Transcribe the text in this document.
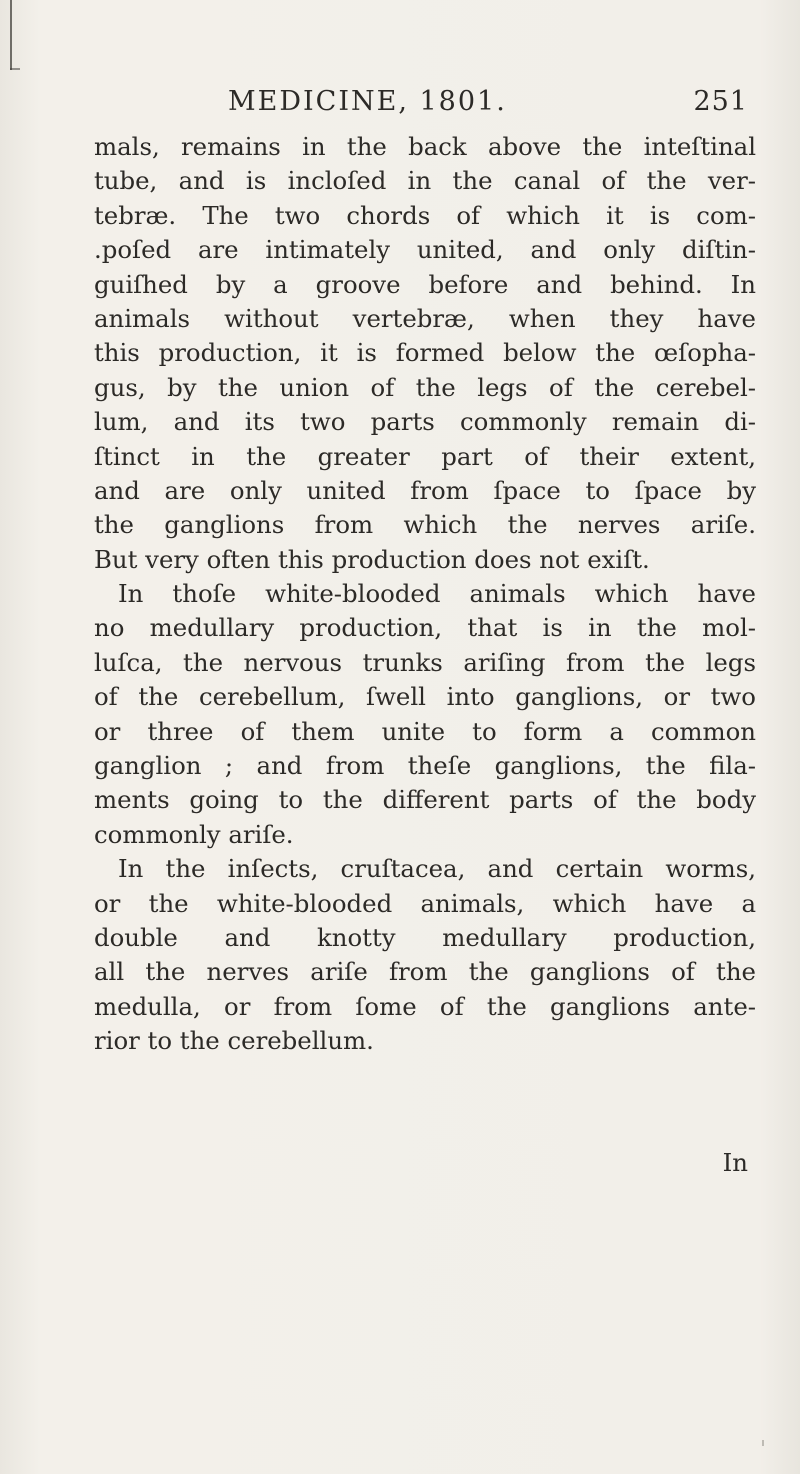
MEDICINE, 1801.	251
mals, remains in the back above the inteſtinal
tube, and is incloſed in the canal of the ver-
tebræ. The two chords of which it is com-
.poſed are intimately united, and only diſtin-
guiſhed by a groove before and behind. In
animals without vertebræ, when they have
this production, it is formed below the œſopha-
gus, by the union of the legs of the cerebel-
lum, and its two parts commonly remain di-
ſtinct in the greater part of their extent,
and are only united from ſpace to ſpace by
the ganglions from which the nerves ariſe.
But very often this production does not exiſt.
In thoſe white-blooded animals which have
no medullary production, that is in the mol-
luſca, the nervous trunks ariſing from the legs
of the cerebellum, ſwell into ganglions, or two
or three of them unite to form a common
ganglion ; and from theſe ganglions, the fila-
ments going to the different parts of the body
commonly ariſe.
In the inſects, cruſtacea, and certain worms,
or the white-blooded animals, which have a
double and knotty medullary production,
all the nerves ariſe from the ganglions of the
medulla, or from ſome of the ganglions ante-
rior to the cerebellum.
In
